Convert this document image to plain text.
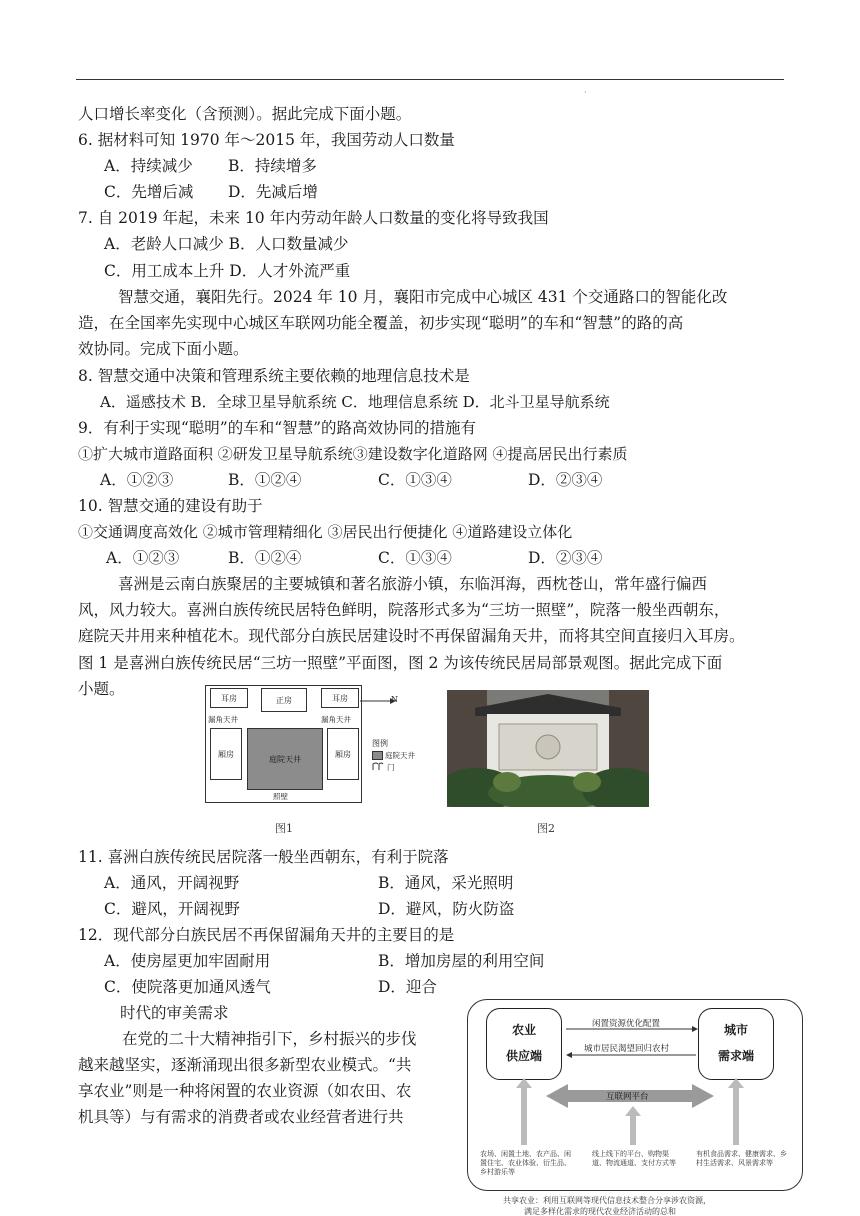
·
人口增长率变化（含预测）。据此完成下面小题。
6. 据材料可知 1970 年～2015 年，我国劳动人口数量
A．持续减少 B．持续增多
C．先增后减 D．先减后增
7. 自 2019 年起，未来 10 年内劳动年龄人口数量的变化将导致我国
A．老龄人口减少 B．人口数量减少
C．用工成本上升 D．人才外流严重
智慧交通，襄阳先行。2024 年 10 月，襄阳市完成中心城区 431 个交通路口的智能化改
造，在全国率先实现中心城区车联网功能全覆盖，初步实现“聪明”的车和“智慧”的路的高
效协同。完成下面小题。
8. 智慧交通中决策和管理系统主要依赖的地理信息技术是
A．遥感技术 B．全球卫星导航系统 C．地理信息系统 D．北斗卫星导航系统
9．有利于实现“聪明”的车和“智慧”的路高效协同的措施有
①扩大城市道路面积 ②研发卫星导航系统③建设数字化道路网 ④提高居民出行素质
A．①②③	B．①②④	C．①③④	D．②③④
10. 智慧交通的建设有助于
①交通调度高效化 ②城市管理精细化 ③居民出行便捷化 ④道路建设立体化
A．①②③	B．①②④	C．①③④	D．②③④
喜洲是云南白族聚居的主要城镇和著名旅游小镇，东临洱海，西枕苍山，常年盛行偏西
风，风力较大。喜洲白族传统民居特色鲜明，院落形式多为“三坊一照壁”，院落一般坐西朝东，
庭院天井用来种植花木。现代部分白族民居建设时不再保留漏角天井，而将其空间直接归入耳房。
图 1 是喜洲白族传统民居“三坊一照壁”平面图，图 2 为该传统民居局部景观图。据此完成下面
小题。	耳房	正房	耳房
漏角天井	漏角天井
厢房	厢房
庭院天井
照壁
N
图例
庭院天井
门
图1	图2
11. 喜洲白族传统民居院落一般坐西朝东，有利于院落
A．通风，开阔视野	B．通风，采光照明
C．避风，开阔视野	D．避风，防火防盗
12．现代部分白族民居不再保留漏角天井的主要目的是
A．使房屋更加牢固耐用	B．增加房屋的利用空间
C．使院落更加通风透气	D．迎合
时代的审美需求
在党的二十大精神指引下，乡村振兴的步伐
越来越坚实，逐渐涌现出很多新型农业模式。“共
享农业”则是一种将闲置的农业资源（如农田、农
机具等）与有需求的消费者或农业经营者进行共
农业
供应端
城市
需求端
闲置资源优化配置
城市居民渴望回归农村
互联网平台
农场、闲置土地、农产品、闲置住宅、农业体验、衍生品、乡村游乐等
线上线下的平台、购物渠道、物流通道、支付方式等
有机食品需求、健康需求、乡村生活需求、风景需求等
共享农业：利用互联网等现代信息技术整合分享涉农资源，
满足多样化需求的现代农业经济活动的总和
